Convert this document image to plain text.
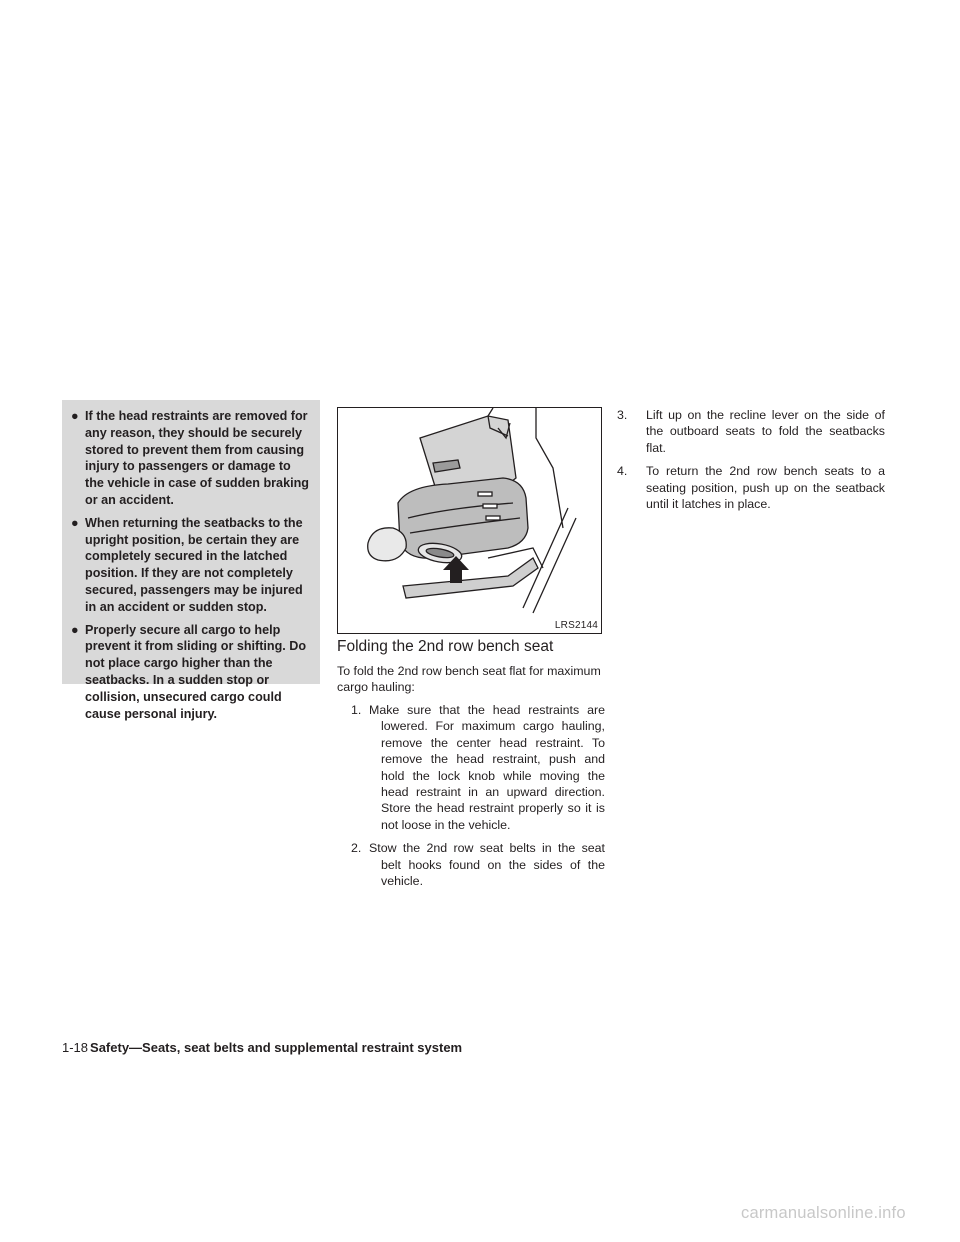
● If the head restraints are removed for any reason, they should be securely stored to prevent them from causing injury to passengers or damage to the vehicle in case of sudden braking or an accident.
● When returning the seatbacks to the upright position, be certain they are completely secured in the latched position. If they are not completely secured, passengers may be injured in an accident or sudden stop.
● Properly secure all cargo to help prevent it from sliding or shifting. Do not place cargo higher than the seatbacks. In a sudden stop or collision, unsecured cargo could cause personal injury.
LRS2144
Folding the 2nd row bench seat

To fold the 2nd row bench seat flat for maximum cargo hauling:

1. Make sure that the head restraints are lowered. For maximum cargo hauling, remove the center head restraint. To remove the head restraint, push and hold the lock knob while moving the head restraint in an upward direction. Store the head restraint properly so it is not loose in the vehicle.
2. Stow the 2nd row seat belts in the seat belt hooks found on the sides of the vehicle.
3. Lift up on the recline lever on the side of the outboard seats to fold the seatbacks flat.
4. To return the 2nd row bench seats to a seating position, push up on the seatback until it latches in place.
1-18 Safety—Seats, seat belts and supplemental restraint system
carmanualsonline.info
